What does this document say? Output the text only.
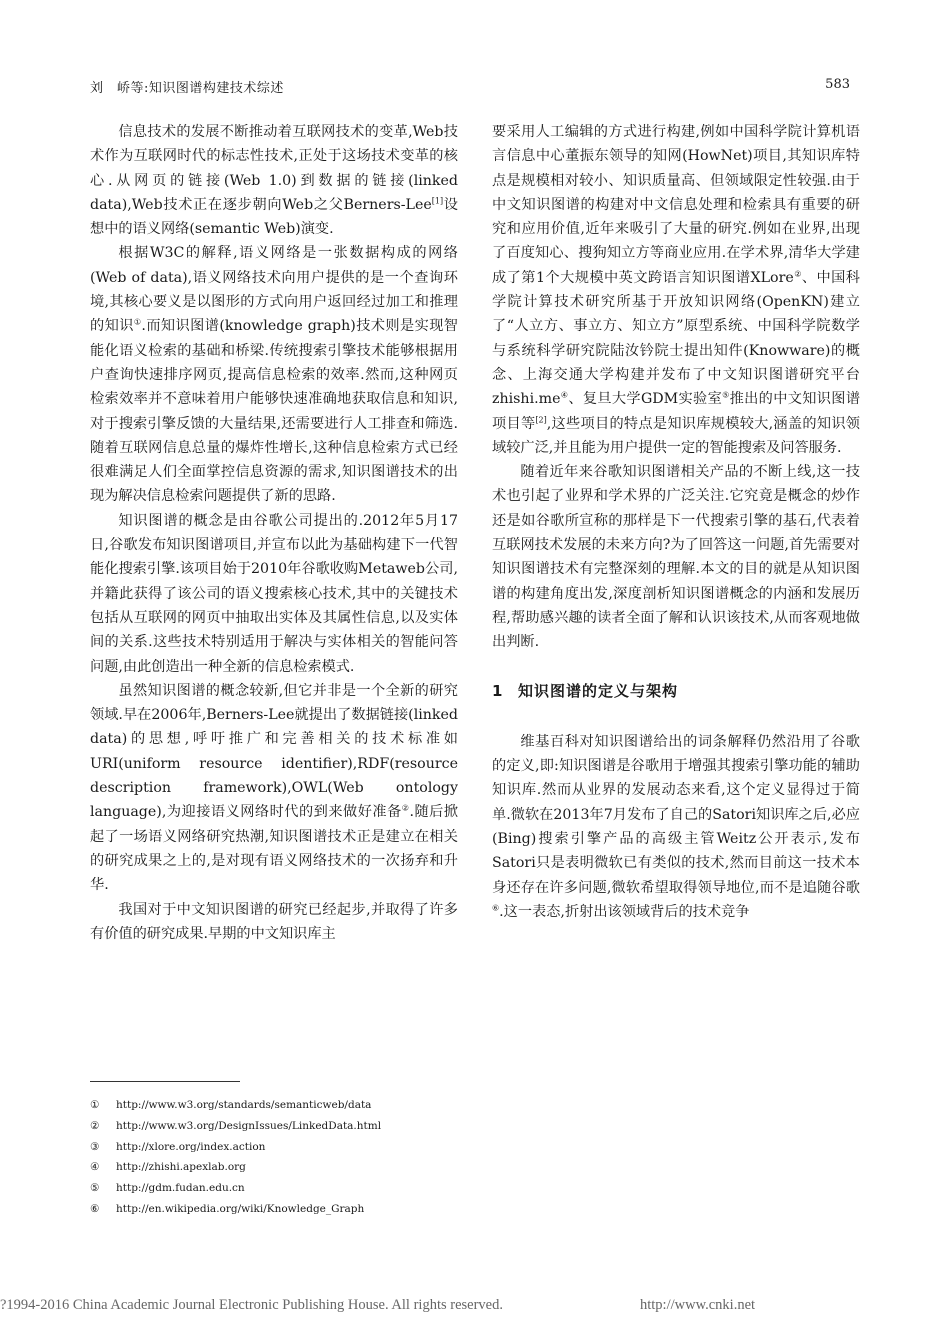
刘　峤等:知识图谱构建技术综述	583

信息技术的发展不断推动着互联网技术的变革,Web技术作为互联网时代的标志性技术,正处于这场技术变革的核心.从网页的链接(Web 1.0)到数据的链接(linked data),Web技术正在逐步朝向Web之父Berners-Lee[1]设想中的语义网络(semantic Web)演变.

根据W3C的解释,语义网络是一张数据构成的网络(Web of data),语义网络技术向用户提供的是一个查询环境,其核心要义是以图形的方式向用户返回经过加工和推理的知识①.而知识图谱(knowledge graph)技术则是实现智能化语义检索的基础和桥梁.传统搜索引擎技术能够根据用户查询快速排序网页,提高信息检索的效率.然而,这种网页检索效率并不意味着用户能够快速准确地获取信息和知识,对于搜索引擎反馈的大量结果,还需要进行人工排查和筛选.随着互联网信息总量的爆炸性增长,这种信息检索方式已经很难满足人们全面掌控信息资源的需求,知识图谱技术的出现为解决信息检索问题提供了新的思路.

知识图谱的概念是由谷歌公司提出的.2012年5月17日,谷歌发布知识图谱项目,并宣布以此为基础构建下一代智能化搜索引擎.该项目始于2010年谷歌收购Metaweb公司,并籍此获得了该公司的语义搜索核心技术,其中的关键技术包括从互联网的网页中抽取出实体及其属性信息,以及实体间的关系.这些技术特别适用于解决与实体相关的智能问答问题,由此创造出一种全新的信息检索模式.

虽然知识图谱的概念较新,但它并非是一个全新的研究领域.早在2006年,Berners-Lee就提出了数据链接(linked data)的思想,呼吁推广和完善相关的技术标准如URI(uniform resource identifier),RDF(resource description framework),OWL(Web ontology language),为迎接语义网络时代的到来做好准备②.随后掀起了一场语义网络研究热潮,知识图谱技术正是建立在相关的研究成果之上的,是对现有语义网络技术的一次扬弃和升华.

我国对于中文知识图谱的研究已经起步,并取得了许多有价值的研究成果.早期的中文知识库主

要采用人工编辑的方式进行构建,例如中国科学院计算机语言信息中心董振东领导的知网(HowNet)项目,其知识库特点是规模相对较小、知识质量高、但领域限定性较强.由于中文知识图谱的构建对中文信息处理和检索具有重要的研究和应用价值,近年来吸引了大量的研究.例如在业界,出现了百度知心、搜狗知立方等商业应用.在学术界,清华大学建成了第1个大规模中英文跨语言知识图谱XLore②、中国科学院计算技术研究所基于开放知识网络(OpenKN)建立了“人立方、事立方、知立方”原型系统、中国科学院数学与系统科学研究院陆汝钤院士提出知件(Knowware)的概念、上海交通大学构建并发布了中文知识图谱研究平台zhishi.me④、复旦大学GDM实验室⑤推出的中文知识图谱项目等[2],这些项目的特点是知识库规模较大,涵盖的知识领域较广泛,并且能为用户提供一定的智能搜索及问答服务.

随着近年来谷歌知识图谱相关产品的不断上线,这一技术也引起了业界和学术界的广泛关注.它究竟是概念的炒作还是如谷歌所宣称的那样是下一代搜索引擎的基石,代表着互联网技术发展的未来方向?为了回答这一问题,首先需要对知识图谱技术有完整深刻的理解.本文的目的就是从知识图谱的构建角度出发,深度剖析知识图谱概念的内涵和发展历程,帮助感兴趣的读者全面了解和认识该技术,从而客观地做出判断.

1 知识图谱的定义与架构

维基百科对知识图谱给出的词条解释仍然沿用了谷歌的定义,即:知识图谱是谷歌用于增强其搜索引擎功能的辅助知识库.然而从业界的发展动态来看,这个定义显得过于简单.微软在2013年7月发布了自己的Satori知识库之后,必应(Bing)搜索引擎产品的高级主管Weitz公开表示,发布Satori只是表明微软已有类似的技术,然而目前这一技术本身还存在许多问题,微软希望取得领导地位,而不是追随谷歌⑥.这一表态,折射出该领域背后的技术竞争

① http://www.w3.org/standards/semanticweb/data
② http://www.w3.org/DesignIssues/LinkedData.html
③ http://xlore.org/index.action
④ http://zhishi.apexlab.org
⑤ http://gdm.fudan.edu.cn
⑥ http://en.wikipedia.org/wiki/Knowledge_Graph
?1994-2016 China Academic Journal Electronic Publishing House. All rights reserved.	http://www.cnki.net
